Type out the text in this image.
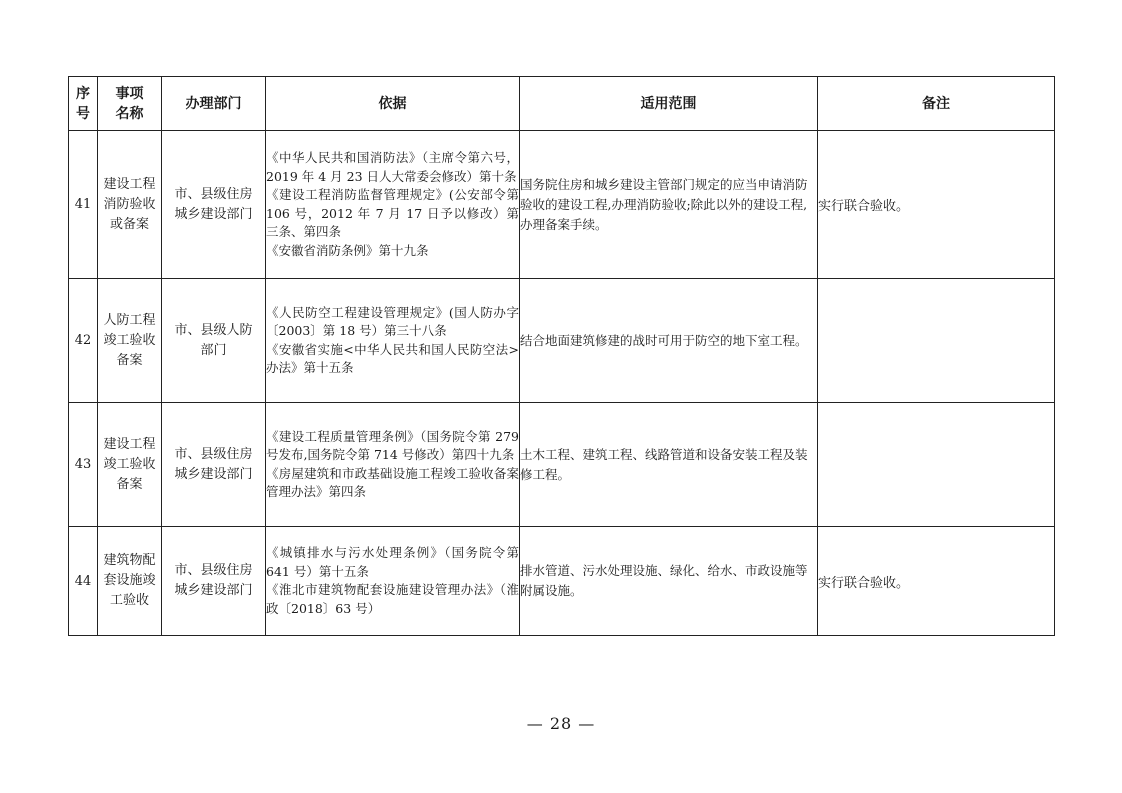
序号	事项名称	办理部门	依据	适用范围	备注
41	建设工程消防验收或备案	市、县级住房城乡建设部门	《中华人民共和国消防法》（主席令第六号，2019 年 4 月 23 日人大常委会修改）第十条
《建设工程消防监督管理规定》(公安部令第 106 号，2012 年 7 月 17 日予以修改）第三条、第四条
《安徽省消防条例》第十九条	国务院住房和城乡建设主管部门规定的应当申请消防验收的建设工程,办理消防验收;除此以外的建设工程,办理备案手续。	实行联合验收。
42	人防工程竣工验收备案	市、县级人防部门	《人民防空工程建设管理规定》(国人防办字〔2003〕第 18 号）第三十八条
《安徽省实施<中华人民共和国人民防空法>办法》第十五条	结合地面建筑修建的战时可用于防空的地下室工程。	
43	建设工程竣工验收备案	市、县级住房城乡建设部门	《建设工程质量管理条例》（国务院令第 279 号发布,国务院令第 714 号修改）第四十九条
《房屋建筑和市政基础设施工程竣工验收备案管理办法》第四条	土木工程、建筑工程、线路管道和设备安装工程及装修工程。	
44	建筑物配套设施竣工验收	市、县级住房城乡建设部门	《城镇排水与污水处理条例》（国务院令第 641 号）第十五条
《淮北市建筑物配套设施建设管理办法》（淮政〔2018〕63 号）	排水管道、污水处理设施、绿化、给水、市政设施等附属设施。	实行联合验收。
— 28 —
